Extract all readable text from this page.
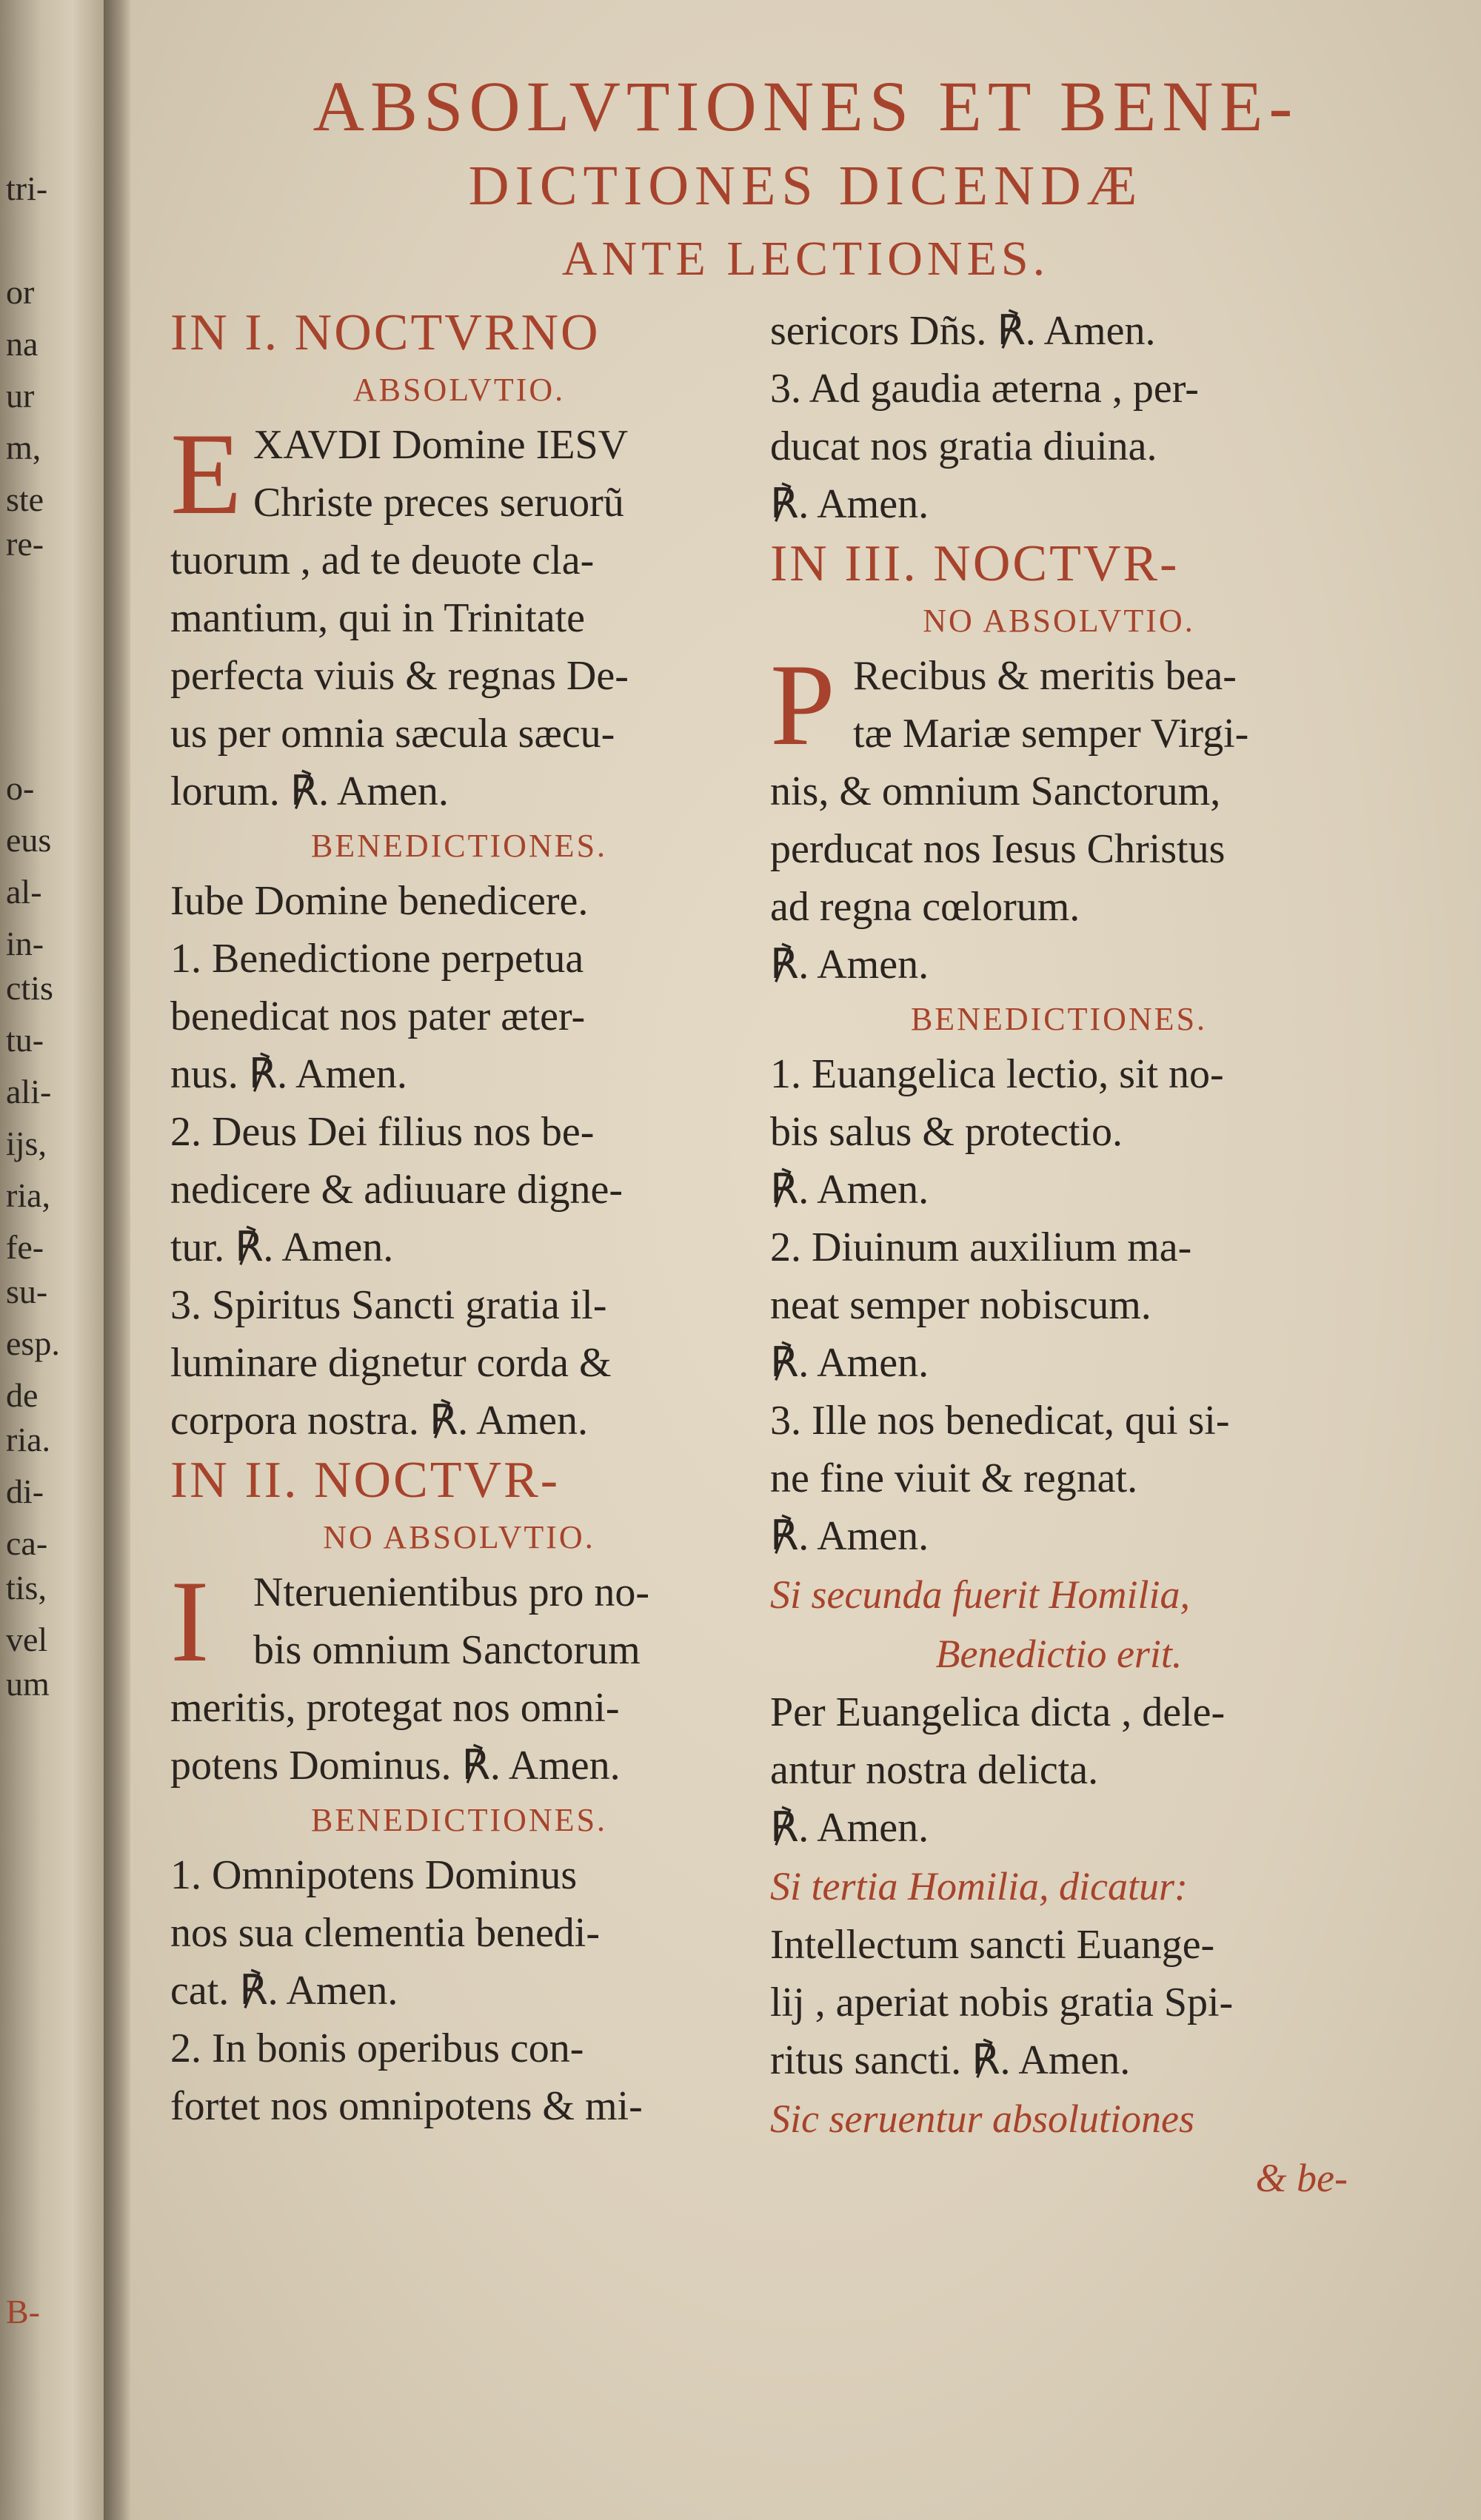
tri-
or
na
ur
m,
ste
re-
o-
eus
al-
in-
ctis
tu-
ali-
ijs,
ria,
fe-
su-
esp.
de
ria.
di-
ca-
tis,
vel
um
B-
ABSOLVTIONES ET BENE-
DICTIONES DICENDÆ
ANTE LECTIONES.
IN I. NOCTVRNO
ABSOLVTIO.
E XAVDI Domine IESV
Christe preces seruorũ
tuorum , ad te deuote cla-
mantium, qui in Trinitate
perfecta viuis & regnas De-
us per omnia sæcula sæcu-
lorum. ℟. Amen.
BENEDICTIONES.
Iube Domine benedicere.
1. Benedictione perpetua
benedicat nos pater æter-
nus. ℟. Amen.
2. Deus Dei filius nos be-
nedicere & adiuuare digne-
tur. ℟. Amen.
3. Spiritus Sancti gratia il-
luminare dignetur corda &
corpora nostra. ℟. Amen.
IN II. NOCTVR-
NO ABSOLVTIO.
I	Nteruenientibus pro no-
bis omnium Sanctorum
meritis, protegat nos omni-
potens Dominus. ℟. Amen.
BENEDICTIONES.
1. Omnipotens Dominus
nos sua clementia benedi-
cat. ℟. Amen.
2. In bonis operibus con-
fortet nos omnipotens & mi-
sericors Dñs. ℟. Amen.
3. Ad gaudia æterna , per-
ducat nos gratia diuina.
℟. Amen.
IN III. NOCTVR-
NO ABSOLVTIO.
P Recibus & meritis bea-
tæ Mariæ semper Virgi-
nis, & omnium Sanctorum,
perducat nos Iesus Christus
ad regna cœlorum.
℟. Amen.
BENEDICTIONES.
1. Euangelica lectio, sit no-
bis salus & protectio.
℟. Amen.
2. Diuinum auxilium ma-
neat semper nobiscum.
℟. Amen.
3. Ille nos benedicat, qui si-
ne fine viuit & regnat.
℟. Amen.
Si secunda fuerit Homilia,
Benedictio erit.
Per Euangelica dicta , dele-
antur nostra delicta.
℟. Amen.
Si tertia Homilia, dicatur:
Intellectum sancti Euange-
lij , aperiat nobis gratia Spi-
ritus sancti. ℟. Amen.
Sic seruentur absolutiones
& be-
